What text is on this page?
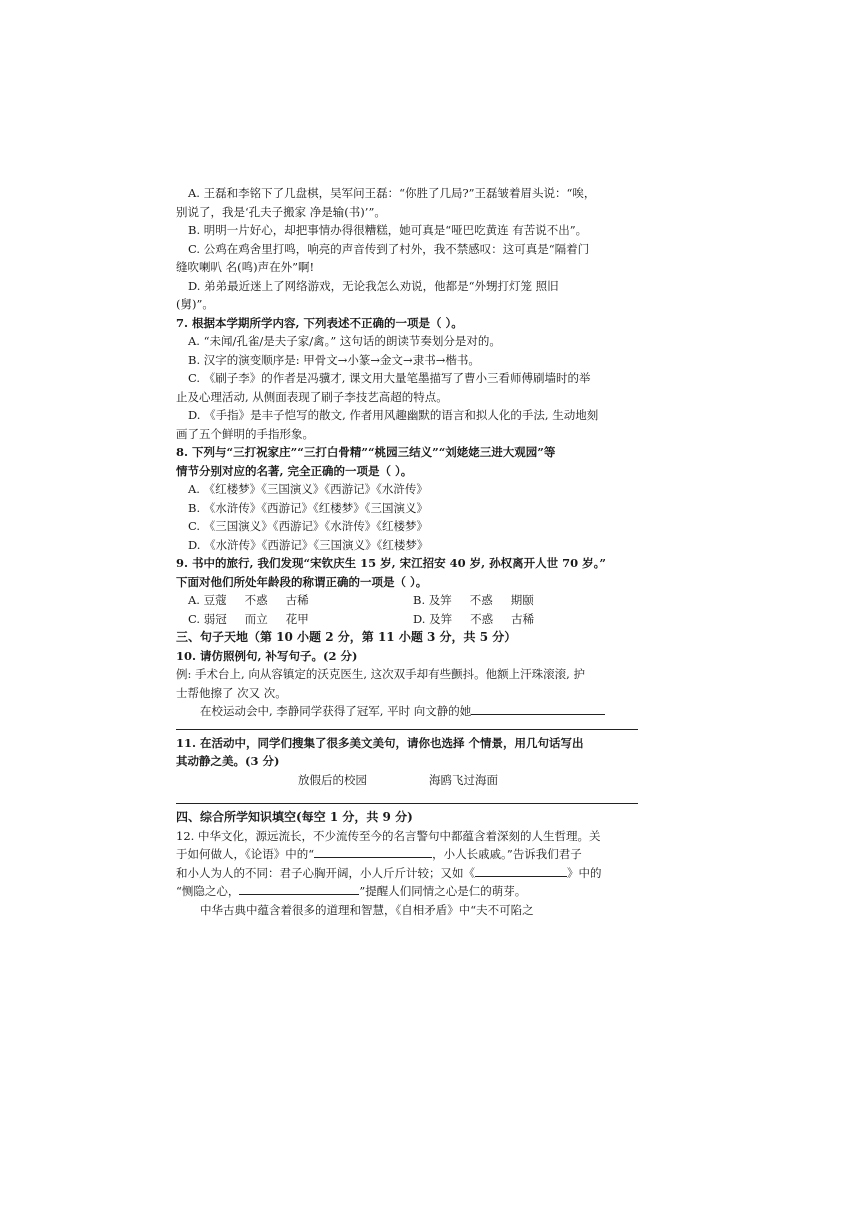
A. 王磊和李铭下了几盘棋，吴军问王磊：“你胜了几局?”王磊皱着眉头说：“唉，
别说了，我是‘孔夫子搬家 净是输(书)’”。
B. 明明一片好心，却把事情办得很糟糕，她可真是“哑巴吃黄连 有苦说不出”。
C. 公鸡在鸡舍里打鸣，响亮的声音传到了村外，我不禁感叹：这可真是“隔着门
缝吹喇叭 名(鸣)声在外”啊!
D. 弟弟最近迷上了网络游戏，无论我怎么劝说，他都是“外甥打灯笼 照旧
(舅)”。
7. 根据本学期所学内容, 下列表述不正确的一项是（ ）。
A. “未闻/孔雀/是夫子家/禽。” 这句话的朗读节奏划分是对的。
B. 汉字的演变顺序是: 甲骨文→小篆→金文→隶书→楷书。
C. 《刷子李》的作者是冯骥才, 课文用大量笔墨描写了曹小三看师傅刷墙时的举
止及心理活动, 从侧面表现了刷子李技艺高超的特点。
D. 《手指》是丰子恺写的散文, 作者用风趣幽默的语言和拟人化的手法, 生动地刻
画了五个鲜明的手指形象。
8. 下列与“三打祝家庄”“三打白骨精”“桃园三结义”“刘姥姥三进大观园”等
情节分别对应的名著, 完全正确的一项是（ ）。
A. 《红楼梦》《三国演义》《西游记》《水浒传》
B. 《水浒传》《西游记》《红楼梦》《三国演义》
C. 《三国演义》《西游记》《水浒传》《红楼梦》
D. 《水浒传》《西游记》《三国演义》《红楼梦》
9. 书中的旅行, 我们发现“宋钦庆生 15 岁, 宋江招安 40 岁, 孙权离开人世 70 岁。”
下面对他们所处年龄段的称谓正确的一项是（ ）。
A. 豆蔻 不惑 古稀	B. 及笄 不惑 期颐
C. 弱冠 而立 花甲	D. 及笄 不惑 古稀
三、句子天地（第 10 小题 2 分，第 11 小题 3 分，共 5 分）
10. 请仿照例句, 补写句子。(2 分)
例: 手术台上, 向从容镇定的沃克医生, 这次双手却有些颤抖。他额上汗珠滚滚, 护
士帮他擦了 次又 次。
在校运动会中, 李静同学获得了冠军, 平时 向文静的她
11. 在活动中，同学们搜集了很多美文美句，请你也选择 个情景，用几句话写出
其动静之美。(3 分)
放假后的校园	海鸥飞过海面
四、综合所学知识填空(每空 1 分，共 9 分)
12. 中华文化，源远流长，不少流传至今的名言警句中都蕴含着深刻的人生哲理。关
于如何做人，《论语》中的“	，小人长戚戚。”告诉我们君子
和小人为人的不同：君子心胸开阔，小人斤斤计较；又如《	》中的
“恻隐之心，	”提醒人们同情之心是仁的萌芽。
中华古典中蕴含着很多的道理和智慧，《自相矛盾》中“夫不可陷之
